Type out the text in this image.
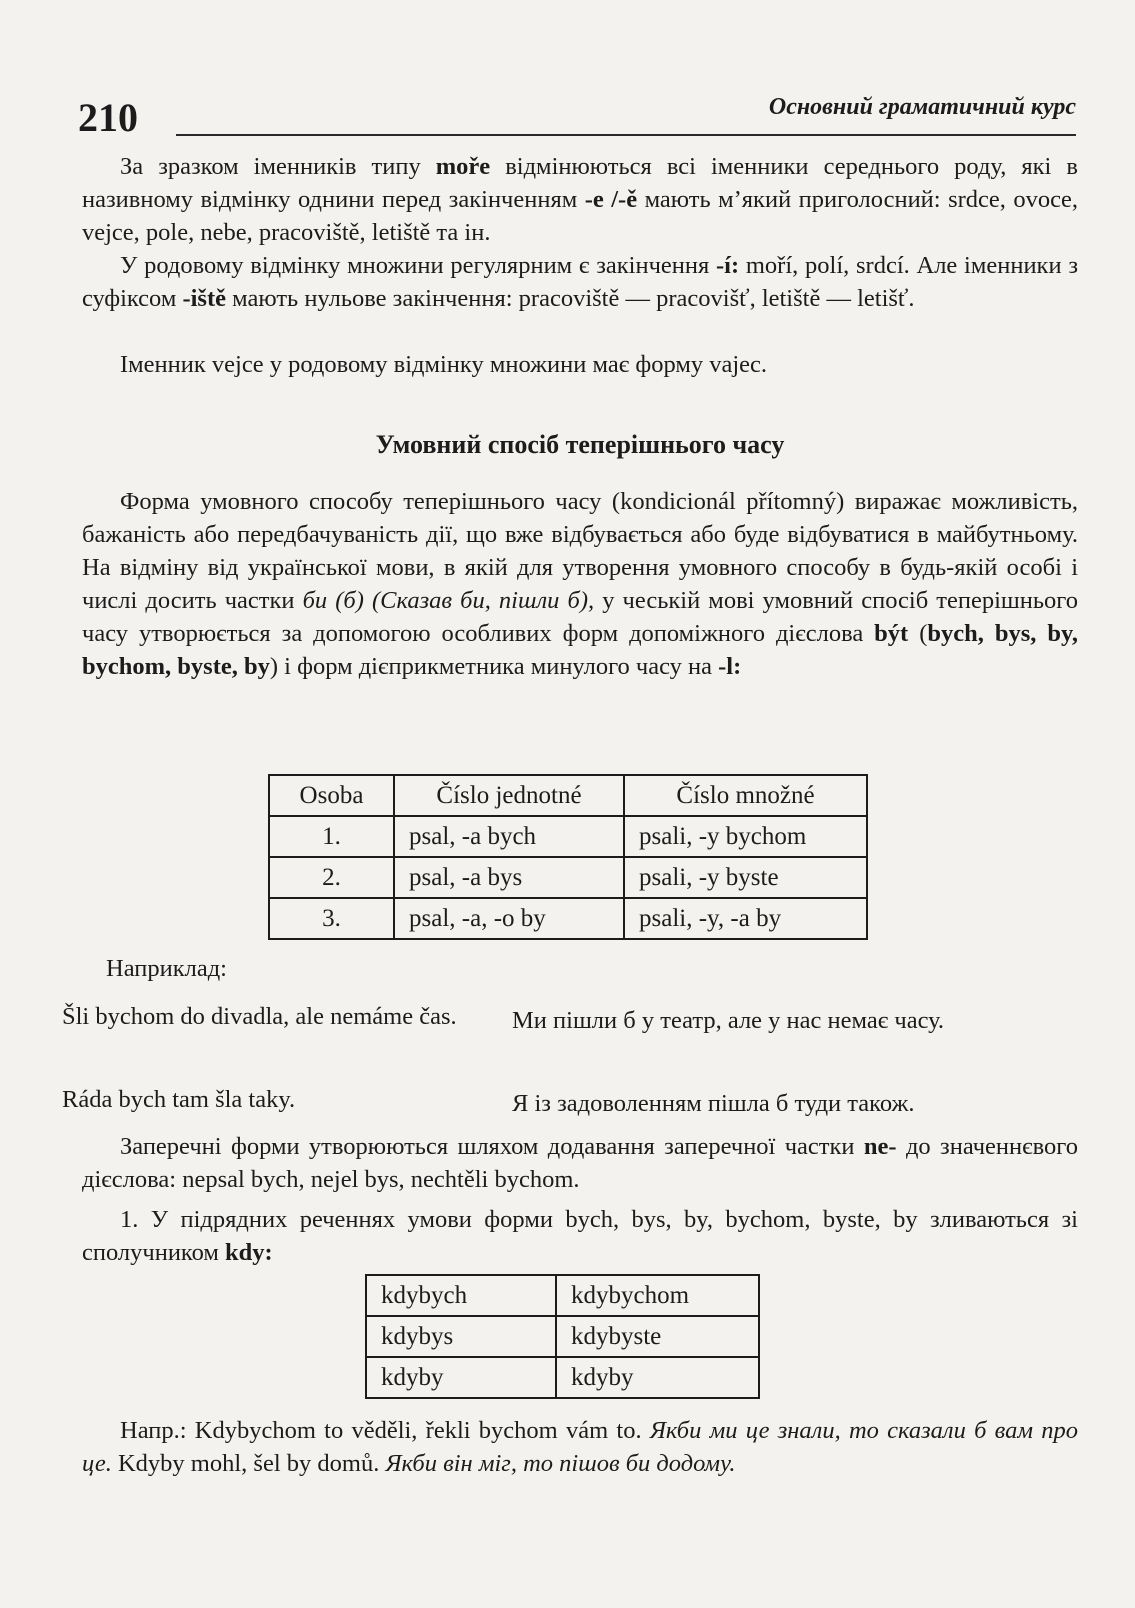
210	Основний граматичний курс

За зразком іменників типу moře відмінюються всі іменники середнього роду, які в називному відмінку однини перед закінченням -e /-ě мають м’який приголосний: srdce, ovoce, vejce, pole, nebe, pracoviště, letiště та ін.

У родовому відмінку множини регулярним є закінчення -í: moří, polí, srdcí. Але іменники з суфіксом -iště мають нульове закінчення: pracoviště — pracovišť, letiště — letišť.

Іменник vejce у родовому відмінку множини має форму vajec.

Умовний спосіб теперішнього часу

Форма умовного способу теперішнього часу (kondicionál přítomný) виражає можливість, бажаність або передбачуваність дії, що вже відбувається або буде відбуватися в майбутньому. На відміну від української мови, в якій для утворення умовного способу в будь-якій особі і числі досить частки би (б) (Сказав би, пішли б), у чеській мові умовний спосіб теперішнього часу утворюється за допомогою особливих форм допоміжного дієслова být (bych, bys, by, bychom, byste, by) і форм дієприкметника минулого часу на -l:

Osoba	Číslo jednotné	Číslo množné
1.	psal, -a bych	psali, -y bychom
2.	psal, -a bys	psali, -y byste
3.	psal, -a, -o by	psali, -y, -a by
Наприклад:
Šli bychom do divadla, ale nemáme čas. Ми пішли б у театр, але у нас немає часу.
Ráda bych tam šla taky.	Я із задоволенням пішла б туди також.

Заперечні форми утворюються шляхом додавання заперечної частки ne- до значеннєвого дієслова: nepsal bych, nejel bys, nechtěli bychom.

1. У підрядних реченнях умови форми bych, bys, by, bychom, byste, by зливаються зі сполучником kdy:

kdybych	kdybychom
kdybys	kdybyste
kdyby	kdyby

Напр.: Kdybychom to věděli, řekli bychom vám to. Якби ми це знали, то сказали б вам про це. Kdyby mohl, šel by domů. Якби він міг, то пішов би додому.
